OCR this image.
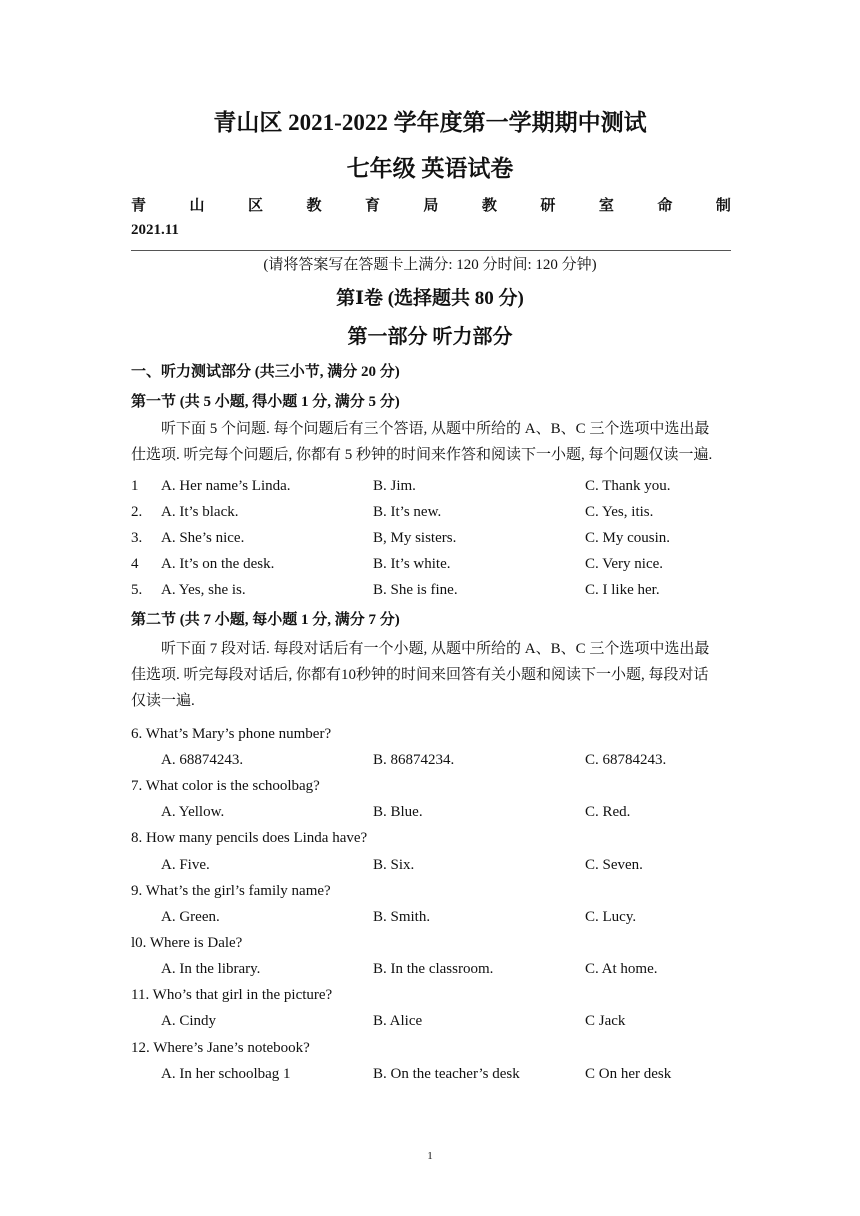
青山区 2021-2022 学年度第一学期期中测试
七年级 英语试卷
青	山	区	教	育	局	教	研	室	命	制
2021.11
(请将答案写在答题卡上满分: 120 分时间: 120 分钟)
第Ⅰ卷 (选择题共 80 分)
第一部分 听力部分
一、听力测试部分 (共三小节, 满分 20 分)
第一节 (共 5 小题, 得小题 1 分, 满分 5 分)
听下面 5 个问题. 每个问题后有三个答语, 从题中所给的 A、B、C 三个选项中选出最
仕选项. 听完每个问题后, 你都有 5 秒钟的时间来作答和阅读下一小题, 每个问题仅读一遍.
1 A. Her name’s Linda.	B. Jim.	C. Thank you.
2. A. It’s black.	B. It’s new.	C. Yes, itis.
3. A. She’s nice.	B, My sisters.	C. My cousin.
4 A. It’s on the desk.	B. It’s white.	C. Very nice.
5. A. Yes, she is.	B. She is fine.	C. I like her.
第二节 (共 7 小题, 每小题 1 分, 满分 7 分)
听下面 7 段对话. 每段对话后有一个小题, 从题中所给的 A、B、C 三个选项中选出最
佳选项. 听完每段对话后, 你都有10秒钟的时间来回答有关小题和阅读下一小题, 每段对话
仅读一遍.
6. What’s Mary’s phone number?
A. 68874243.	B. 86874234.	C. 68784243.
7. What color is the schoolbag?
A. Yellow.	B. Blue.	C. Red.
8. How many pencils does Linda have?
A. Five.	B. Six.	C. Seven.
9. What’s the girl’s family name?
A. Green.	B. Smith.	C. Lucy.
l0. Where is Dale?
A. In the library.	B. In the classroom.	C. At home.
11. Who’s that girl in the picture?
A. Cindy	B. Alice	C Jack
12. Where’s Jane’s notebook?
A. In her schoolbag 1	B. On the teacher’s desk	C On her desk
1
